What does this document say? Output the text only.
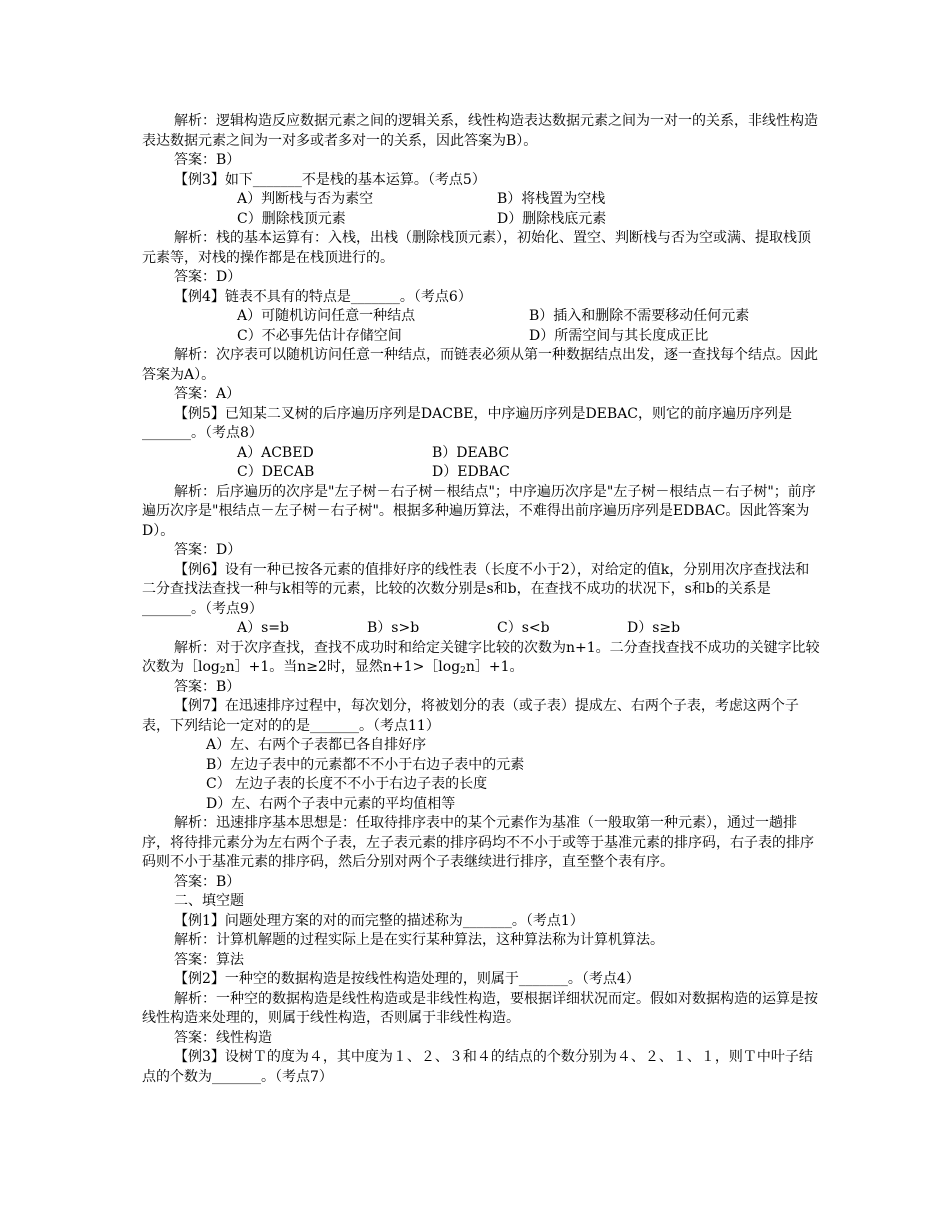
解析：逻辑构造反应数据元素之间的逻辑关系，线性构造表达数据元素之间为一对一的关系，非线性构造表达数据元素之间为一对多或者多对一的关系，因此答案为B）。

答案：B）

【例3】如下_______不是栈的基本运算。（考点5）

A）判断栈与否为素空	B）将栈置为空栈
C）删除栈顶元素	D）删除栈底元素

解析：栈的基本运算有：入栈，出栈（删除栈顶元素），初始化、置空、判断栈与否为空或满、提取栈顶元素等，对栈的操作都是在栈顶进行的。

答案：D）

【例4】链表不具有的特点是_______。（考点6）

A）可随机访问任意一种结点	B）插入和删除不需要移动任何元素
C）不必事先估计存储空间	D）所需空间与其长度成正比

解析：次序表可以随机访问任意一种结点，而链表必须从第一种数据结点出发，逐一查找每个结点。因此答案为A）。

答案：A）

【例5】已知某二叉树的后序遍历序列是DACBE，中序遍历序列是DEBAC，则它的前序遍历序列是_______。（考点8）

A）ACBED	B）DEABC
C）DECAB	D）EDBAC

解析：后序遍历的次序是"左子树－右子树－根结点"；中序遍历次序是"左子树－根结点－右子树"；前序遍历次序是"根结点－左子树－右子树"。根据多种遍历算法，不难得出前序遍历序列是EDBAC。因此答案为D）。

答案：D）

【例6】设有一种已按各元素的值排好序的线性表（长度不小于2），对给定的值k，分别用次序查找法和二分查找法查找一种与k相等的元素，比较的次数分别是s和b，在查找不成功的状况下，s和b的关系是_______。（考点9）

A）s=b	B）s>b	C）s<b	D）s≥b

解析：对于次序查找，查找不成功时和给定关键字比较的次数为n+1。二分查找查找不成功的关键字比较次数为$[\log_2n]+1$。当n≥2时，显然$n+1>[\log_2n]+1$。

答案：B）

【例7】在迅速排序过程中，每次划分，将被划分的表（或子表）提成左、右两个子表，考虑这两个子表，下列结论一定对的的是_______。（考点11）

A）左、右两个子表都已各自排好序

B）左边子表中的元素都不不小于右边子表中的元素

C） 左边子表的长度不不小于右边子表的长度

D）左、右两个子表中元素的平均值相等

解析：迅速排序基本思想是：任取待排序表中的某个元素作为基准（一般取第一种元素），通过一趟排序，将待排元素分为左右两个子表，左子表元素的排序码均不不小于或等于基准元素的排序码，右子表的排序码则不小于基准元素的排序码，然后分别对两个子表继续进行排序，直至整个表有序。

答案：B）

二、填空题

【例1】问题处理方案的对的而完整的描述称为_______。（考点1）

解析：计算机解题的过程实际上是在实行某种算法，这种算法称为计算机算法。

答案：算法

【例2】一种空的数据构造是按线性构造处理的，则属于_______。（考点4）

解析：一种空的数据构造是线性构造或是非线性构造，要根据详细状况而定。假如对数据构造的运算是按线性构造来处理的，则属于线性构造，否则属于非线性构造。

答案：线性构造

【例3】设树Ｔ的度为４，其中度为１、２、３和４的结点的个数分别为４、２、１、１，则Ｔ中叶子结点的个数为_______。（考点7）
